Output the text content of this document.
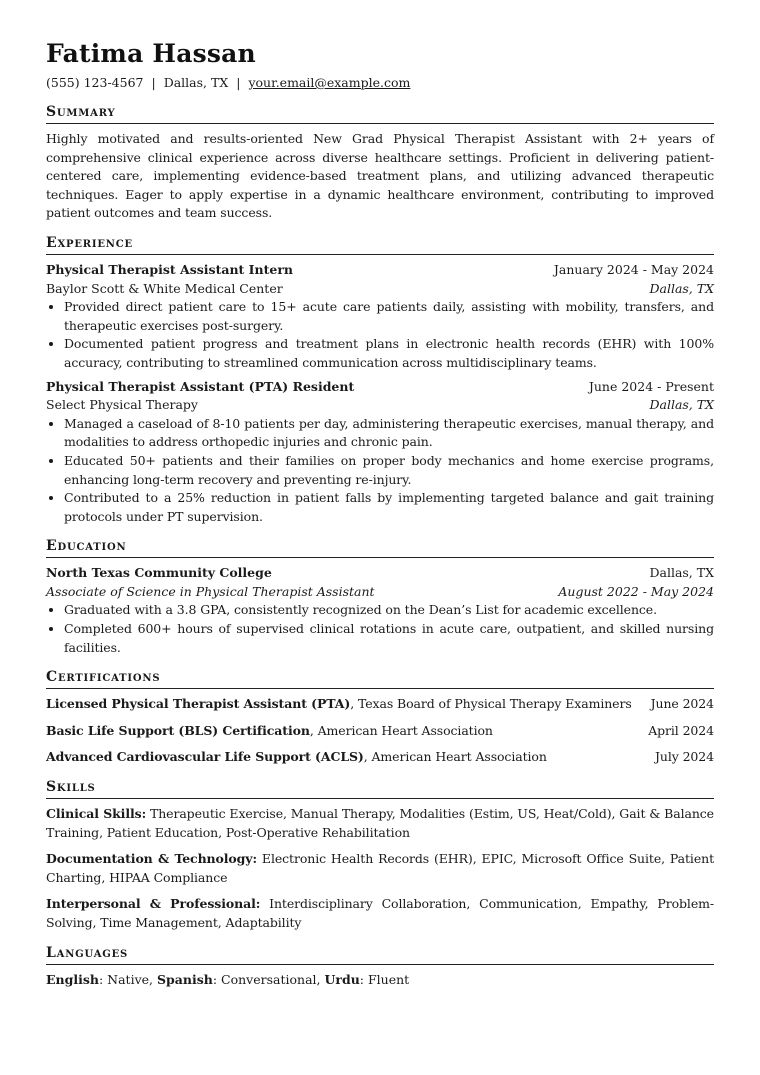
Fatima Hassan
(555) 123-4567 | Dallas, TX | your.email@example.com
Summary
Highly motivated and results-oriented New Grad Physical Therapist Assistant with 2+ years of comprehensive clinical experience across diverse healthcare settings. Proficient in delivering patient-centered care, implementing evidence-based treatment plans, and utilizing advanced therapeutic techniques. Eager to apply expertise in a dynamic healthcare environment, contributing to improved patient outcomes and team success.
Experience
Physical Therapist Assistant Intern	January 2024 - May 2024
Baylor Scott & White Medical Center	Dallas, TX
• Provided direct patient care to 15+ acute care patients daily, assisting with mobility, transfers, and therapeutic exercises post-surgery.
• Documented patient progress and treatment plans in electronic health records (EHR) with 100% accuracy, contributing to streamlined communication across multidisciplinary teams.
Physical Therapist Assistant (PTA) Resident	June 2024 - Present
Select Physical Therapy	Dallas, TX
• Managed a caseload of 8-10 patients per day, administering therapeutic exercises, manual therapy, and modalities to address orthopedic injuries and chronic pain.
• Educated 50+ patients and their families on proper body mechanics and home exercise programs, enhancing long-term recovery and preventing re-injury.
• Contributed to a 25% reduction in patient falls by implementing targeted balance and gait training protocols under PT supervision.
Education
North Texas Community College	Dallas, TX
Associate of Science in Physical Therapist Assistant	August 2022 - May 2024
• Graduated with a 3.8 GPA, consistently recognized on the Dean’s List for academic excellence.
• Completed 600+ hours of supervised clinical rotations in acute care, outpatient, and skilled nursing facilities.
Certifications
Licensed Physical Therapist Assistant (PTA), Texas Board of Physical Therapy Examiners June 2024
Basic Life Support (BLS) Certification, American Heart Association	April 2024
Advanced Cardiovascular Life Support (ACLS), American Heart Association	July 2024
Skills
Clinical Skills: Therapeutic Exercise, Manual Therapy, Modalities (Estim, US, Heat/Cold), Gait & Balance Training, Patient Education, Post-Operative Rehabilitation
Documentation & Technology: Electronic Health Records (EHR), EPIC, Microsoft Office Suite, Patient Charting, HIPAA Compliance
Interpersonal & Professional: Interdisciplinary Collaboration, Communication, Empathy, Problem-Solving, Time Management, Adaptability
Languages
English: Native, Spanish: Conversational, Urdu: Fluent
